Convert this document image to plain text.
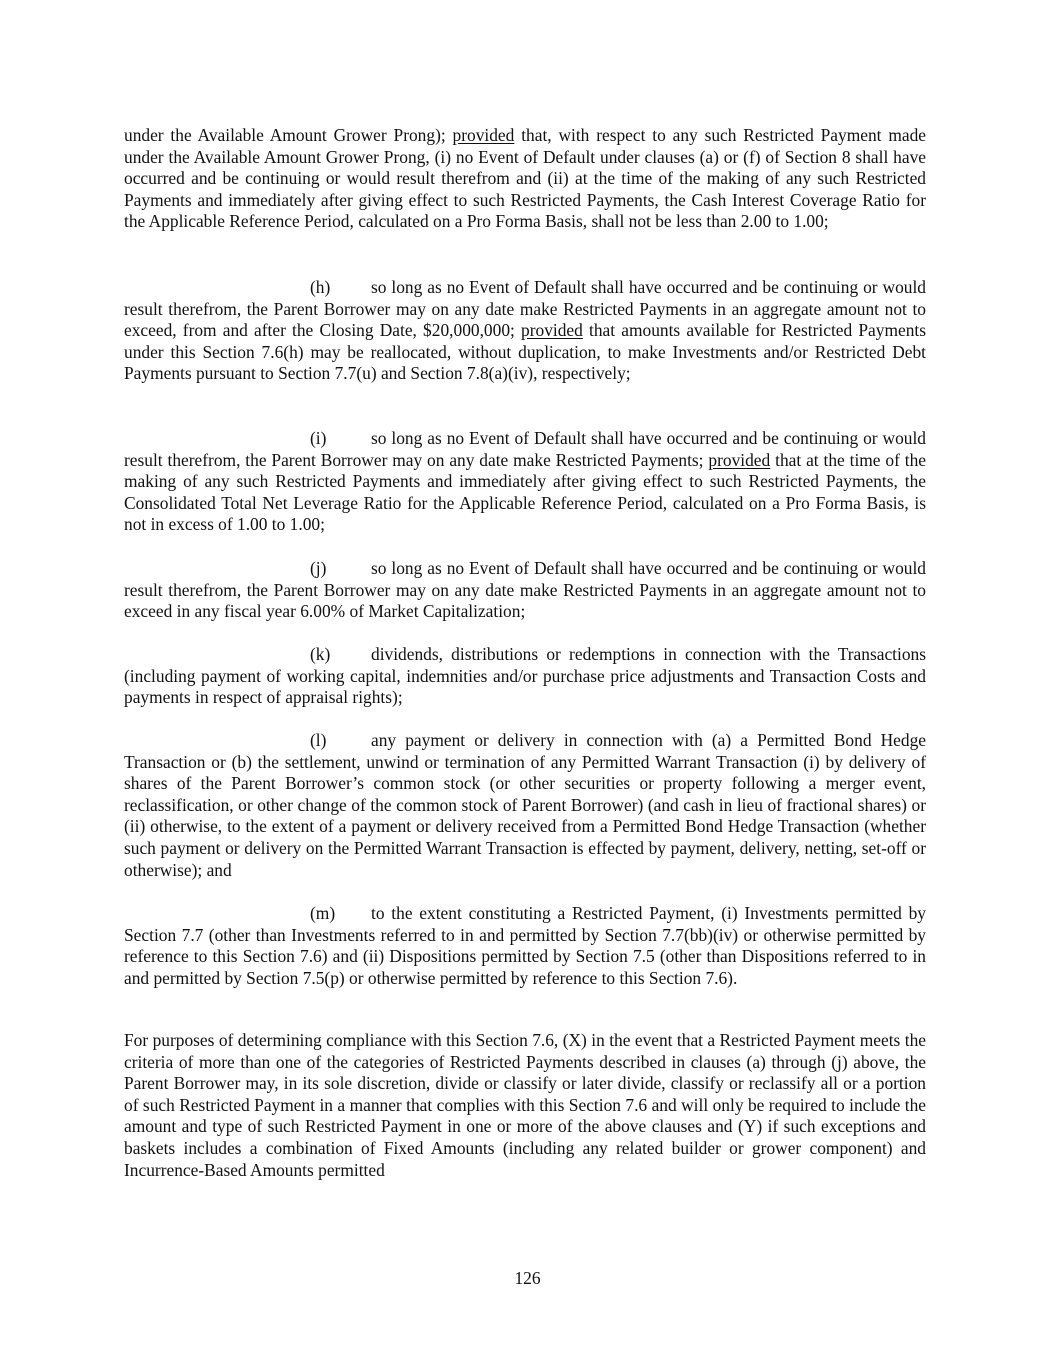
under the Available Amount Grower Prong); provided that, with respect to any such Restricted Payment made under the Available Amount Grower Prong, (i) no Event of Default under clauses (a) or (f) of Section 8 shall have occurred and be continuing or would result therefrom and (ii) at the time of the making of any such Restricted Payments and immediately after giving effect to such Restricted Payments, the Cash Interest Coverage Ratio for the Applicable Reference Period, calculated on a Pro Forma Basis, shall not be less than 2.00 to 1.00;

(h) so long as no Event of Default shall have occurred and be continuing or would result therefrom, the Parent Borrower may on any date make Restricted Payments in an aggregate amount not to exceed, from and after the Closing Date, $20,000,000; provided that amounts available for Restricted Payments under this Section 7.6(h) may be reallocated, without duplication, to make Investments and/or Restricted Debt Payments pursuant to Section 7.7(u) and Section 7.8(a)(iv), respectively;

(i)	so long as no Event of Default shall have occurred and be continuing or would result therefrom, the Parent Borrower may on any date make Restricted Payments; provided that at the time of the making of any such Restricted Payments and immediately after giving effect to such Restricted Payments, the Consolidated Total Net Leverage Ratio for the Applicable Reference Period, calculated on a Pro Forma Basis, is not in excess of 1.00 to 1.00;

(j)	so long as no Event of Default shall have occurred and be continuing or would result therefrom, the Parent Borrower may on any date make Restricted Payments in an aggregate amount not to exceed in any fiscal year 6.00% of Market Capitalization;

(k) dividends, distributions or redemptions in connection with the Transactions (including payment of working capital, indemnities and/or purchase price adjustments and Transaction Costs and payments in respect of appraisal rights);

(l)	any payment or delivery in connection with (a) a Permitted Bond Hedge Transaction or (b) the settlement, unwind or termination of any Permitted Warrant Transaction (i) by delivery of shares of the Parent Borrower’s common stock (or other securities or property following a merger event, reclassification, or other change of the common stock of Parent Borrower) (and cash in lieu of fractional shares) or (ii) otherwise, to the extent of a payment or delivery received from a Permitted Bond Hedge Transaction (whether such payment or delivery on the Permitted Warrant Transaction is effected by payment, delivery, netting, set-off or otherwise); and

(m) to the extent constituting a Restricted Payment, (i) Investments permitted by Section 7.7 (other than Investments referred to in and permitted by Section 7.7(bb)(iv) or otherwise permitted by reference to this Section 7.6) and (ii) Dispositions permitted by Section 7.5 (other than Dispositions referred to in and permitted by Section 7.5(p) or otherwise permitted by reference to this Section 7.6).

For purposes of determining compliance with this Section 7.6, (X) in the event that a Restricted Payment meets the criteria of more than one of the categories of Restricted Payments described in clauses (a) through (j) above, the Parent Borrower may, in its sole discretion, divide or classify or later divide, classify or reclassify all or a portion of such Restricted Payment in a manner that complies with this Section 7.6 and will only be required to include the amount and type of such Restricted Payment in one or more of the above clauses and (Y) if such exceptions and baskets includes a combination of Fixed Amounts (including any related builder or grower component) and Incurrence-Based Amounts permitted

126
